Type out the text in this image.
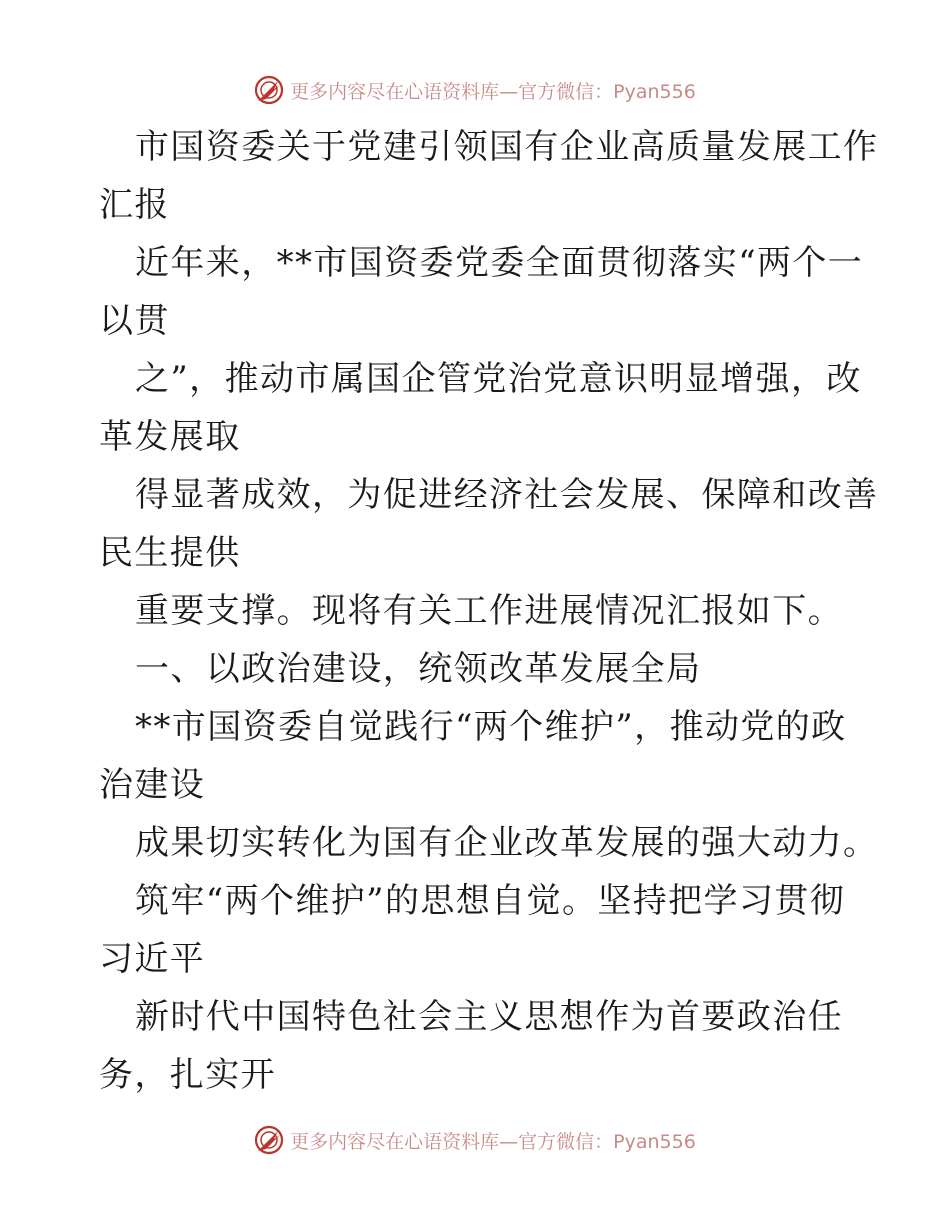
更多内容尽在心语资料库—官方微信：Pyan556
市国资委关于党建引领国有企业高质量发展工作
汇报
近年来，**市国资委党委全面贯彻落实“两个一
以贯
之”，推动市属国企管党治党意识明显增强，改
革发展取
得显著成效，为促进经济社会发展、保障和改善
民生提供
重要支撑。现将有关工作进展情况汇报如下。
一、以政治建设，统领改革发展全局
**市国资委自觉践行“两个维护”，推动党的政
治建设
成果切实转化为国有企业改革发展的强大动力。
筑牢“两个维护”的思想自觉。坚持把学习贯彻
习近平
新时代中国特色社会主义思想作为首要政治任
务，扎实开
更多内容尽在心语资料库—官方微信：Pyan556
